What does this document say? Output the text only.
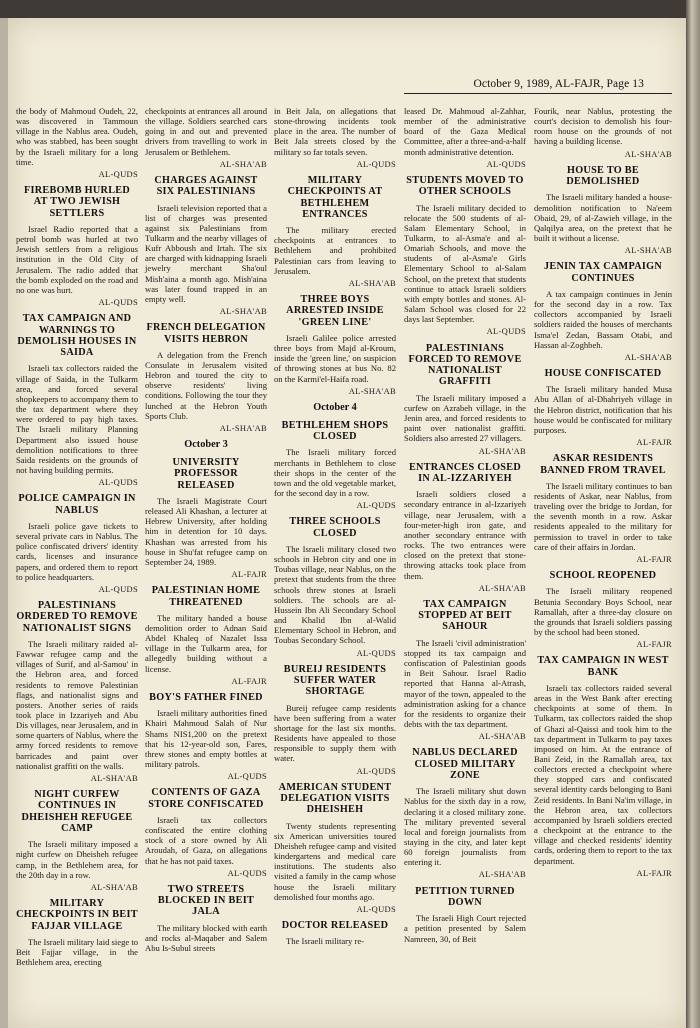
October 9, 1989, AL-FAJR, Page 13

the body of Mahmoud Oudeh, 22, was discovered in Tammoun village in the Nablus area. Oudeh, who was stabbed, has been sought by the Israeli military for a long time.

AL-QUDS
FIREBOMB HURLED AT TWO JEWISH SETTLERS

Israel Radio reported that a petrol bomb was hurled at two Jewish settlers from a religious institution in the Old City of Jerusalem. The radio added that the bomb exploded on the road and no one was hurt.

AL-QUDS
TAX CAMPAIGN AND WARNINGS TO DEMOLISH HOUSES IN SAIDA

Israeli tax collectors raided the village of Saida, in the Tulkarm area, and forced several shopkeepers to accompany them to the tax department where they were ordered to pay high taxes. The Israeli military Planning Department also issued house demolition notifications to three Saida residents on the grounds of not having building permits.

AL-QUDS
POLICE CAMPAIGN IN NABLUS

Israeli police gave tickets to several private cars in Nablus. The police confiscated drivers' identity cards, licenses and insurance papers, and ordered them to report to police headquarters.

AL-QUDS
PALESTINIANS ORDERED TO REMOVE NATIONALIST SIGNS

The Israeli military raided al-Fawwar refugee camp and the villages of Surif, and al-Samou' in the Hebron area, and forced residents to remove Palestinian flags, and nationalist signs and posters. Another series of raids took place in Izzariyeh and Abu Dis villages, near Jerusalem, and in some quarters of Nablus, where the army forced residents to remove barricades and paint over nationalist graffiti on the walls.

AL-SHA'AB
NIGHT CURFEW CONTINUES IN DHEISHEH REFUGEE CAMP

The Israeli military imposed a night curfew on Dheisheh refugee camp, in the Bethlehem area, for the 20th day in a row.

AL-SHA'AB
MILITARY CHECKPOINTS IN BEIT FAJJAR VILLAGE

The Israeli military laid siege to Beit Fajjar village, in the Bethlehem area, erecting

checkpoints at entrances all around the village. Soldiers searched cars going in and out and prevented drivers from travelling to work in Jerusalem or Bethlehem.

AL-SHA'AB
CHARGES AGAINST SIX PALESTINIANS

Israeli television reported that a list of charges was presented against six Palestinians from Tulkarm and the nearby villages of Kufr Abboush and Irtah. The six are charged with kidnapping Israeli jewelry merchant Sha'oul Mish'aina a month ago. Mish'aina was later found trapped in an empty well.

AL-SHA'AB
FRENCH DELEGATION VISITS HEBRON

A delegation from the French Consulate in Jerusalem visited Hebron and toured the city to observe residents' living conditions. Following the tour they lunched at the Hebron Youth Sports Club.

AL-SHA'AB
October 3
UNIVERSITY PROFESSOR RELEASED

The Israeli Magistrate Court released Ali Khashan, a lecturer at Hebrew University, after holding him in detention for 10 days. Khashan was arrested from his house in Shu'fat refugee camp on September 24, 1989.

AL-FAJR
PALESTINIAN HOME THREATENED

The military handed a house demolition order to Adnan Said Abdel Khaleq of Nazalet Issa village in the Tulkarm area, for allegedly building without a license.

AL-FAJR
BOY'S FATHER FINED

Israeli military authorities fined Khairi Mahmoud Salah of Nur Shams NIS1,200 on the pretext that his 12-year-old son, Fares, threw stones and empty bottles at military patrols.

AL-QUDS
CONTENTS OF GAZA STORE CONFISCATED

Israeli tax collectors confiscated the entire clothing stock of a store owned by Ali Aroudah, of Gaza, on allegations that he has not paid taxes.

AL-QUDS
TWO STREETS BLOCKED IN BEIT JALA

The military blocked with earth and rocks al-Maqaber and Salem Abu Is-Subul streets

in Beit Jala, on allegations that stone-throwing incidents took place in the area. The number of Beit Jala streets closed by the military so far totals seven.

AL-QUDS
MILITARY CHECKPOINTS AT BETHLEHEM ENTRANCES

The military erected checkpoints at entrances to Bethlehem and prohibited Palestinian cars from leaving to Jerusalem.

AL-SHA'AB
THREE BOYS ARRESTED INSIDE 'GREEN LINE'

Israeli Galilee police arrested three boys from Majd al-Kroum, inside the 'green line,' on suspicion of throwing stones at bus No. 82 on the Karmi'el-Haifa road.

AL-SHA'AB
October 4
BETHLEHEM SHOPS CLOSED

The Israeli military forced merchants in Bethlehem to close their shops in the center of the town and the old vegetable market, for the second day in a row.

AL-QUDS
THREE SCHOOLS CLOSED

The Israeli military closed two schools in Hebron city and one in Toubas village, near Nablus, on the pretext that students from the three schools threw stones at Israeli soldiers. The schools are al-Hussein Ibn Ali Secondary School and Khalid Ibn al-Walid Elementary School in Hebron, and Toubas Secondary School.

AL-QUDS
BUREIJ RESIDENTS SUFFER WATER SHORTAGE

Bureij refugee camp residents have been suffering from a water shortage for the last six months. Residents have appealed to those responsible to supply them with water.

AL-QUDS
AMERICAN STUDENT DELEGATION VISITS DHEISHEH

Twenty students representing six American universities toured Dheisheh refugee camp and visited kindergartens and medical care institutions. The students also visited a family in the camp whose house the Israeli military demolished four months ago.

AL-QUDS
DOCTOR RELEASED

The Israeli military re-

leased Dr. Mahmoud al-Zahhar, member of the administrative board of the Gaza Medical Committee, after a three-and-a-half month administrative detention.

AL-QUDS
STUDENTS MOVED TO OTHER SCHOOLS

The Israeli military decided to relocate the 500 students of al-Salam Elementary School, in Tulkarm, to al-Asma'e and al-Omariah Schools, and move the students of al-Asma'e Girls Elementary School to al-Salam School, on the pretext that students continue to attack Israeli soldiers with empty bottles and stones. Al-Salam School was closed for 22 days last September.

AL-QUDS
PALESTINIANS FORCED TO REMOVE NATIONALIST GRAFFITI

The Israeli military imposed a curfew on Azrabeh village, in the Jenin area, and forced residents to paint over nationalist graffiti. Soldiers also arrested 27 villagers.

AL-SHA'AB
ENTRANCES CLOSED IN AL-IZZARIYEH

Israeli soldiers closed a secondary entrance in al-Izzariyeh village, near Jerusalem, with a four-meter-high iron gate, and another secondary entrance with rocks. The two entrances were closed on the pretext that stone-throwing attacks took place from them.

AL-SHA'AB
TAX CAMPAIGN STOPPED AT BEIT SAHOUR

The Israeli 'civil administration' stopped its tax campaign and confiscation of Palestinian goods in Beit Sahour. Israel Radio reported that Hanna al-Atrash, mayor of the town, appealed to the administration asking for a chance for the residents to organize their debts with the tax department.

AL-SHA'AB
NABLUS DECLARED CLOSED MILITARY ZONE

The Israeli military shut down Nablus for the sixth day in a row, declaring it a closed military zone. The military prevented several local and foreign journalists from staying in the city, and later kept 60 foreign journalists from entering it.

AL-SHA'AB
PETITION TURNED DOWN

The Israeli High Court rejected a petition presented by Salem Namreen, 30, of Beit

Fourik, near Nablus, protesting the court's decision to demolish his four-room house on the grounds of not having a building license.

AL-SHA'AB
HOUSE TO BE DEMOLISHED

The Israeli military handed a house-demolition notification to Na'eem Obaid, 29, of al-Zawieh village, in the Qalqilya area, on the pretext that he built it without a license.

AL-SHA'AB
JENIN TAX CAMPAIGN CONTINUES

A tax campaign continues in Jenin for the second day in a row. Tax collectors accompanied by Israeli soldiers raided the houses of merchants Isma'el Zedan, Bassam Otabi, and Hassan al-Zoghbeh.

AL-SHA'AB
HOUSE CONFISCATED

The Israeli military handed Musa Abu Allan of al-Dhahriyeh village in the Hebron district, notification that his house would be confiscated for military purposes.

AL-FAJR
ASKAR RESIDENTS BANNED FROM TRAVEL

The Israeli military continues to ban residents of Askar, near Nablus, from traveling over the bridge to Jordan, for the seventh month in a row. Askar residents appealed to the military for permission to travel in order to take care of their affairs in Jordan.

AL-FAJR
SCHOOL REOPENED

The Israeli military reopened Betunia Secondary Boys School, near Ramallah, after a three-day closure on the grounds that Israeli soldiers passing by the school had been stoned.

AL-FAJR
TAX CAMPAIGN IN WEST BANK

Israeli tax collectors raided several areas in the West Bank after erecting checkpoints at some of them. In Tulkarm, tax collectors raided the shop of Ghazi al-Qaissi and took him to the tax department in Tulkarm to pay taxes imposed on him. At the entrance of Bani Zeid, in the Ramallah area, tax collectors erected a checkpoint where they stopped cars and confiscated several identity cards belonging to Bani Zeid residents. In Bani Na'im village, in the Hebron area, tax collectors accompanied by Israeli soldiers erected a checkpoint at the entrance to the village and checked residents' identity cards, ordering them to report to the tax department.

AL-FAJR
